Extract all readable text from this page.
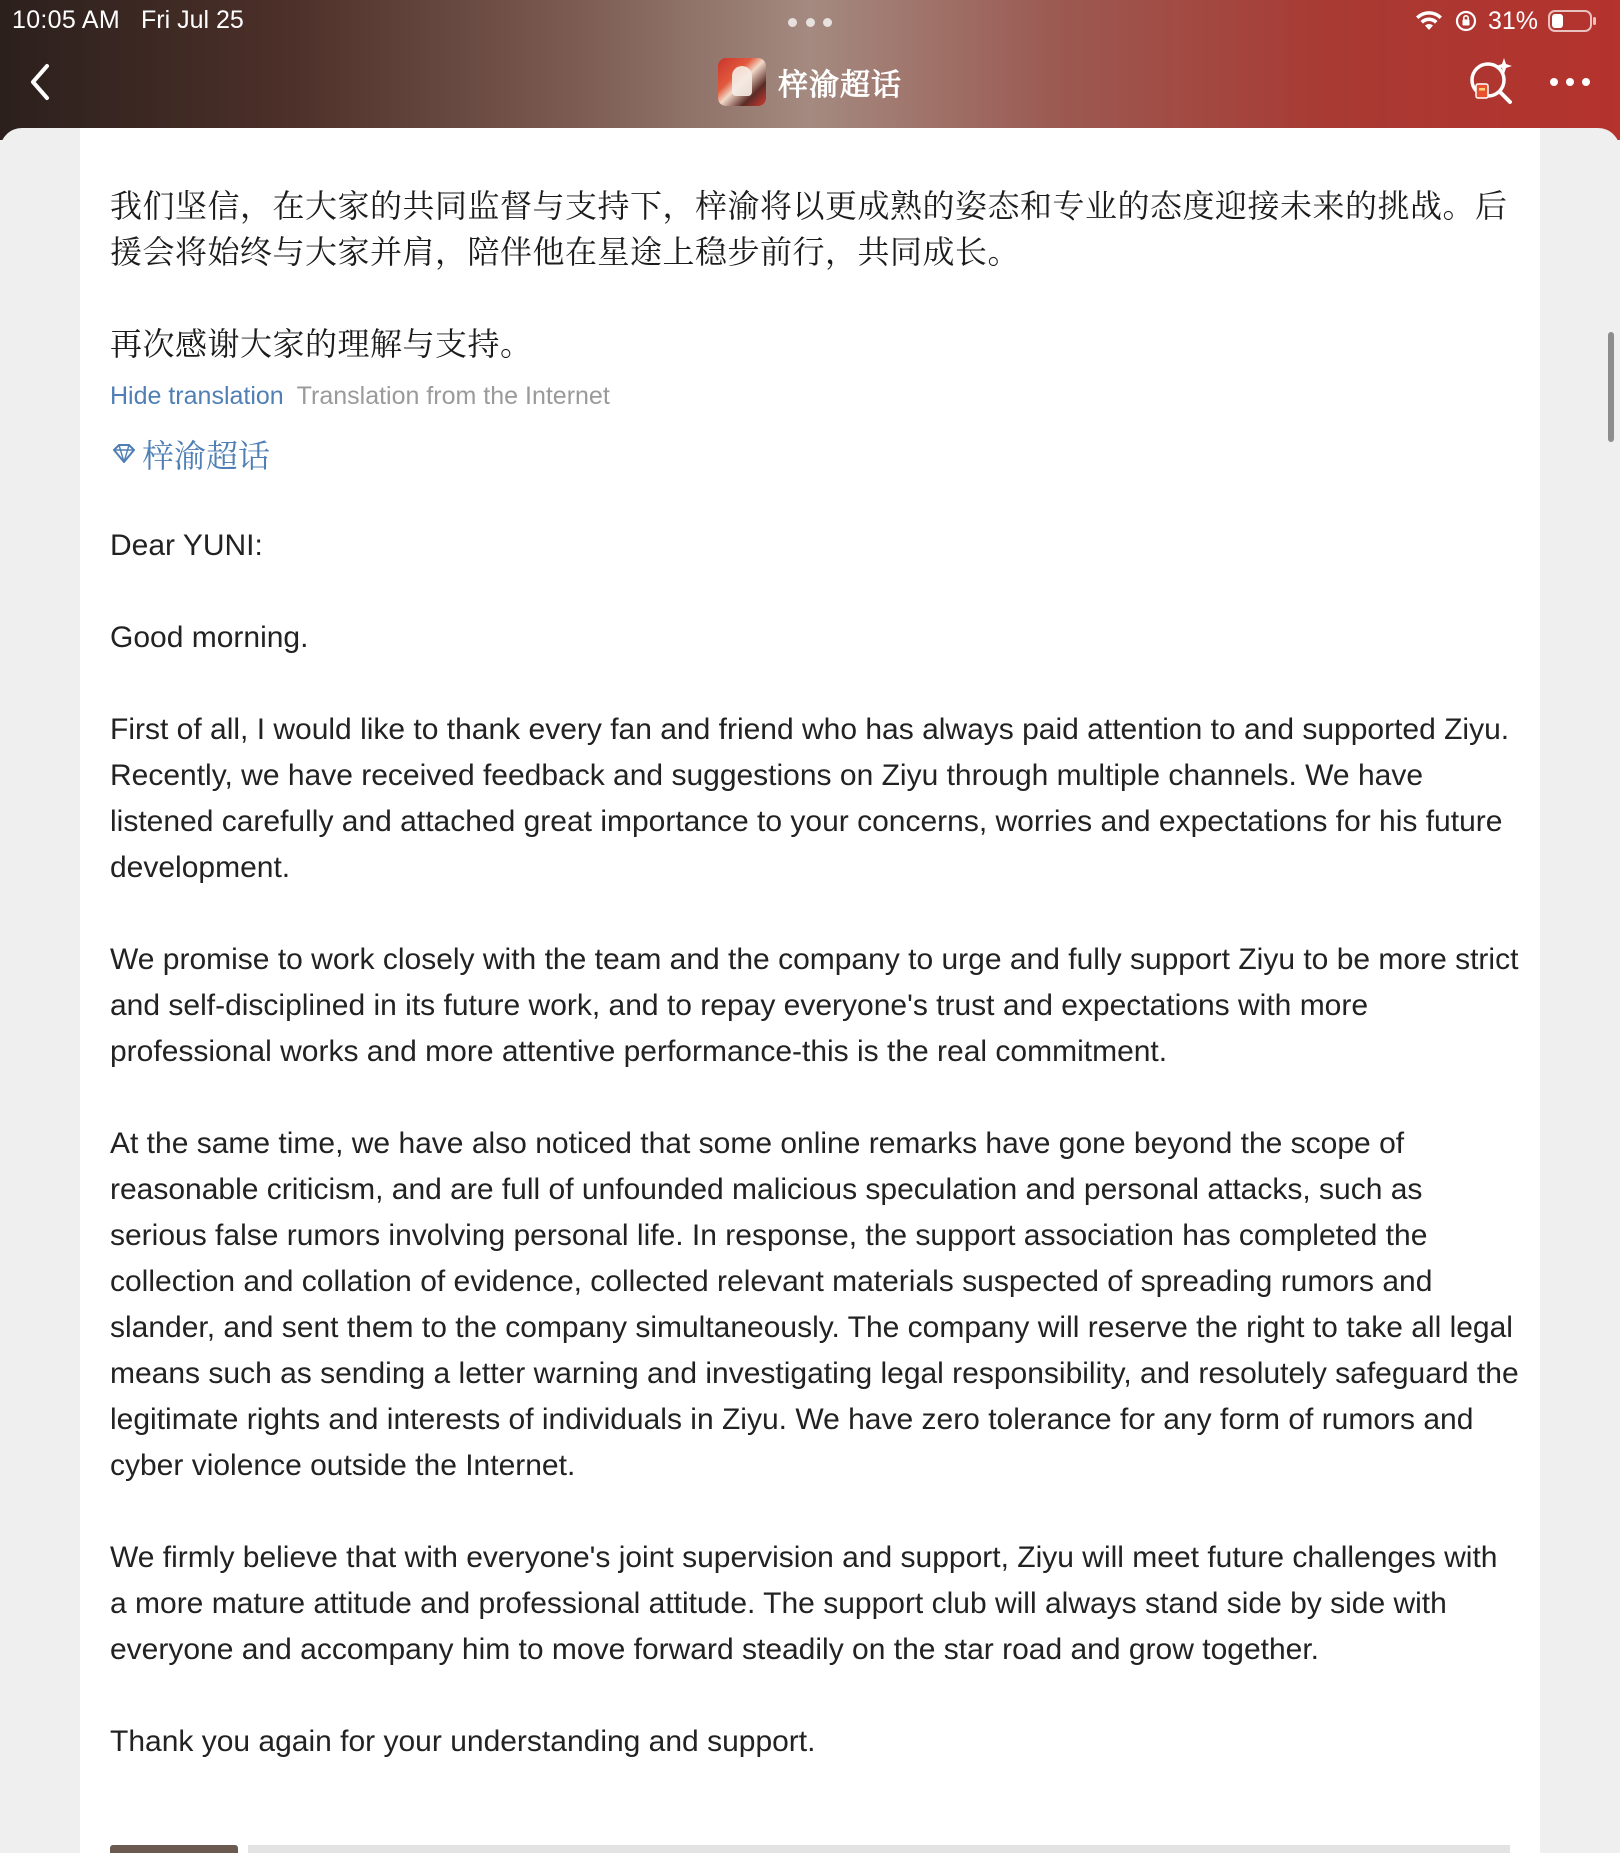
10:05 AM Fri Jul 25	31%
梓渝超话

我们坚信，在大家的共同监督与支持下，梓渝将以更成熟的姿态和专业的态度迎接未来的挑战。后援会将始终与大家并肩，陪伴他在星途上稳步前行，共同成长。

再次感谢大家的理解与支持。

Hide translation Translation from the Internet
梓渝超话

Dear YUNI:

Good morning.

First of all, I would like to thank every fan and friend who has always paid attention to and supported Ziyu. Recently, we have received feedback and suggestions on Ziyu through multiple channels. We have listened carefully and attached great importance to your concerns, worries and expectations for his future development.

We promise to work closely with the team and the company to urge and fully support Ziyu to be more strict and self-disciplined in its future work, and to repay everyone's trust and expectations with more professional works and more attentive performance-this is the real commitment.

At the same time, we have also noticed that some online remarks have gone beyond the scope of reasonable criticism, and are full of unfounded malicious speculation and personal attacks, such as serious false rumors involving personal life. In response, the support association has completed the collection and collation of evidence, collected relevant materials suspected of spreading rumors and slander, and sent them to the company simultaneously. The company will reserve the right to take all legal means such as sending a letter warning and investigating legal responsibility, and resolutely safeguard the legitimate rights and interests of individuals in Ziyu. We have zero tolerance for any form of rumors and cyber violence outside the Internet.

We firmly believe that with everyone's joint supervision and support, Ziyu will meet future challenges with a more mature attitude and professional attitude. The support club will always stand side by side with everyone and accompany him to move forward steadily on the star road and grow together.

Thank you again for your understanding and support.
